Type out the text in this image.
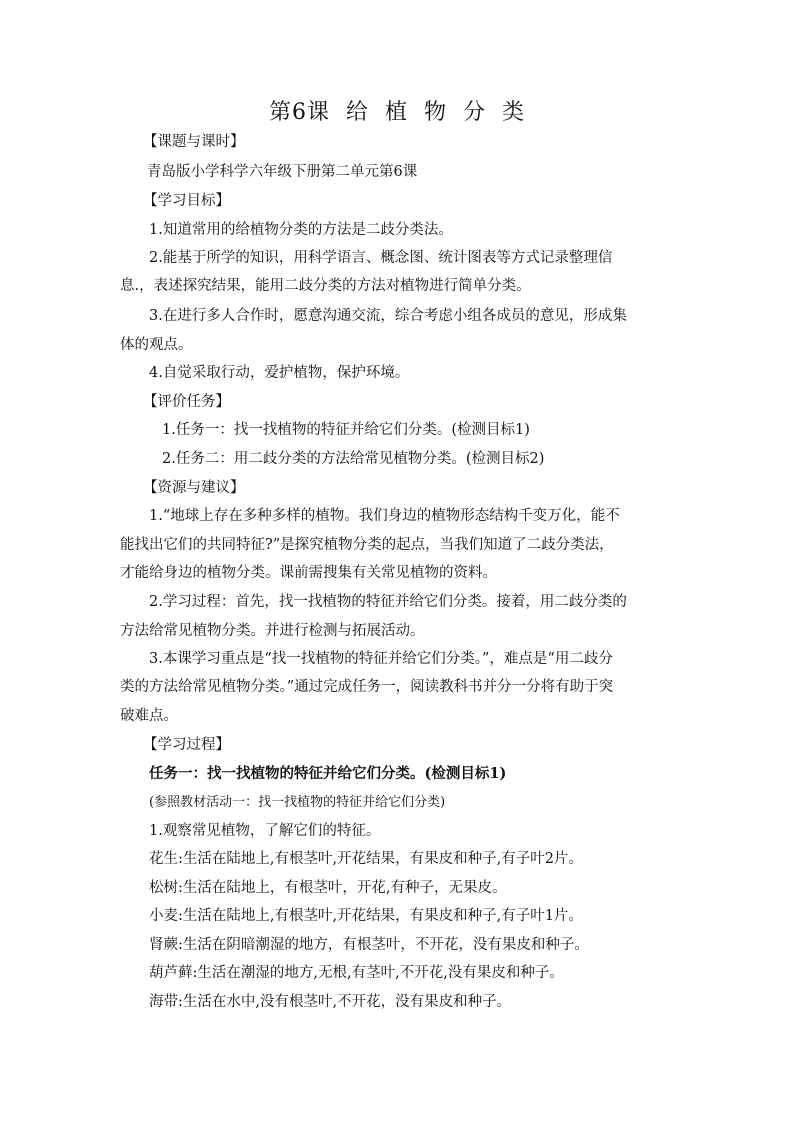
第6课  给  植  物  分  类
【课题与课时】
青岛版小学科学六年级下册第二单元第6课
【学习目标】
1.知道常用的给植物分类的方法是二歧分类法。
2.能基于所学的知识，用科学语言、概念图、统计图表等方式记录整理信
息.，表述探究结果，能用二歧分类的方法对植物进行简单分类。
3.在进行多人合作时，愿意沟通交流，综合考虑小组各成员的意见，形成集
体的观点。
4.自觉采取行动，爱护植物，保护环境。
【评价任务】
1.任务一：找一找植物的特征并给它们分类。(检测目标1)
2.任务二：用二歧分类的方法给常见植物分类。(检测目标2)
【资源与建议】
1.“地球上存在多种多样的植物。我们身边的植物形态结构千变万化，能不
能找出它们的共同特征?”是探究植物分类的起点，当我们知道了二歧分类法，
才能给身边的植物分类。课前需搜集有关常见植物的资料。
2.学习过程：首先，找一找植物的特征并给它们分类。接着，用二歧分类的
方法给常见植物分类。并进行检测与拓展活动。
3.本课学习重点是“找一找植物的特征并给它们分类。”，难点是“用二歧分
类的方法给常见植物分类。”通过完成任务一，阅读教科书并分一分将有助于突
破难点。
【学习过程】
任务一：找一找植物的特征并给它们分类。(检测目标1)
(参照教材活动一：找一找植物的特征并给它们分类)
1.观察常见植物，了解它们的特征。
花生:生活在陆地上,有根茎叶,开花结果，有果皮和种子,有子叶2片。
松树:生活在陆地上，有根茎叶，开花,有种子，无果皮。
小麦:生活在陆地上,有根茎叶,开花结果，有果皮和种子,有子叶1片。
肾蕨:生活在阴暗潮湿的地方，有根茎叶，不开花，没有果皮和种子。
葫芦藓:生活在潮湿的地方,无根,有茎叶,不开花,没有果皮和种子。
海带:生活在水中,没有根茎叶,不开花，没有果皮和种子。
